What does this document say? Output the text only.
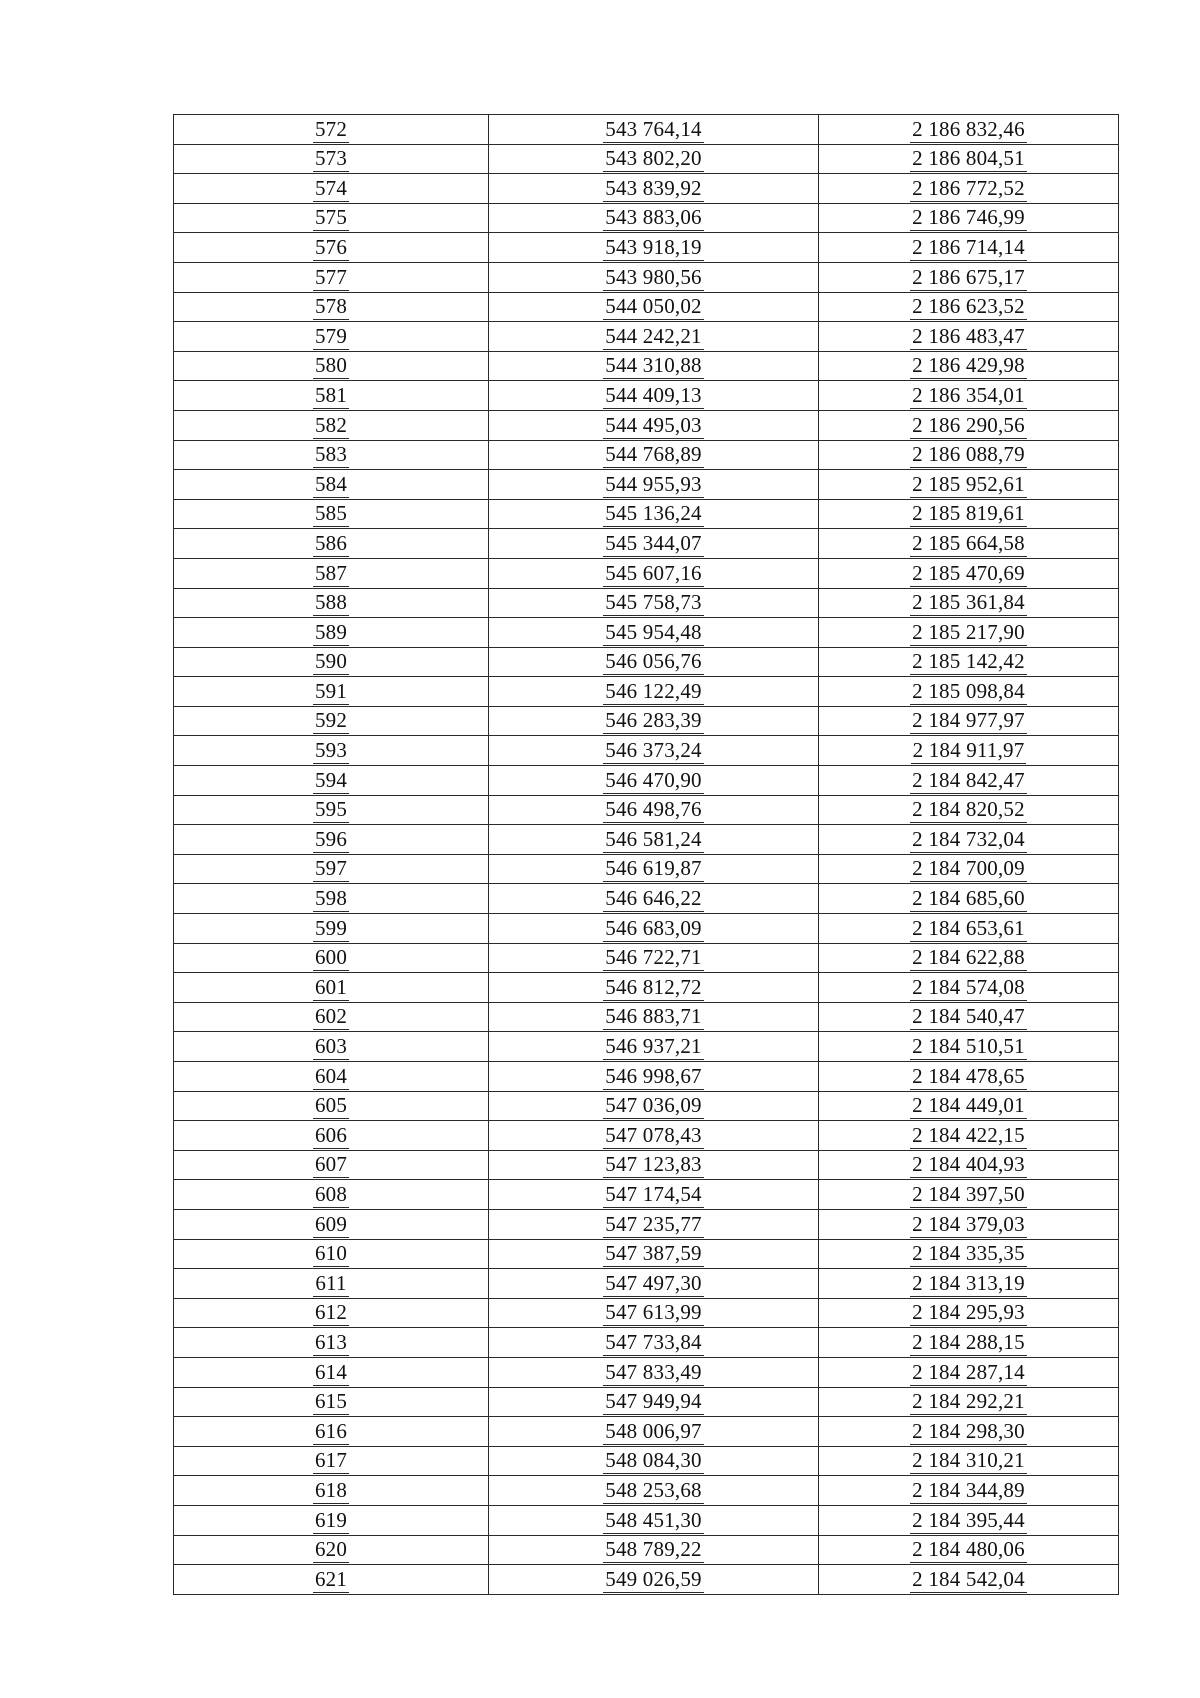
572	543 764,14	2 186 832,46
573	543 802,20	2 186 804,51
574	543 839,92	2 186 772,52
575	543 883,06	2 186 746,99
576	543 918,19	2 186 714,14
577	543 980,56	2 186 675,17
578	544 050,02	2 186 623,52
579	544 242,21	2 186 483,47
580	544 310,88	2 186 429,98
581	544 409,13	2 186 354,01
582	544 495,03	2 186 290,56
583	544 768,89	2 186 088,79
584	544 955,93	2 185 952,61
585	545 136,24	2 185 819,61
586	545 344,07	2 185 664,58
587	545 607,16	2 185 470,69
588	545 758,73	2 185 361,84
589	545 954,48	2 185 217,90
590	546 056,76	2 185 142,42
591	546 122,49	2 185 098,84
592	546 283,39	2 184 977,97
593	546 373,24	2 184 911,97
594	546 470,90	2 184 842,47
595	546 498,76	2 184 820,52
596	546 581,24	2 184 732,04
597	546 619,87	2 184 700,09
598	546 646,22	2 184 685,60
599	546 683,09	2 184 653,61
600	546 722,71	2 184 622,88
601	546 812,72	2 184 574,08
602	546 883,71	2 184 540,47
603	546 937,21	2 184 510,51
604	546 998,67	2 184 478,65
605	547 036,09	2 184 449,01
606	547 078,43	2 184 422,15
607	547 123,83	2 184 404,93
608	547 174,54	2 184 397,50
609	547 235,77	2 184 379,03
610	547 387,59	2 184 335,35
611	547 497,30	2 184 313,19
612	547 613,99	2 184 295,93
613	547 733,84	2 184 288,15
614	547 833,49	2 184 287,14
615	547 949,94	2 184 292,21
616	548 006,97	2 184 298,30
617	548 084,30	2 184 310,21
618	548 253,68	2 184 344,89
619	548 451,30	2 184 395,44
620	548 789,22	2 184 480,06
621	549 026,59	2 184 542,04
